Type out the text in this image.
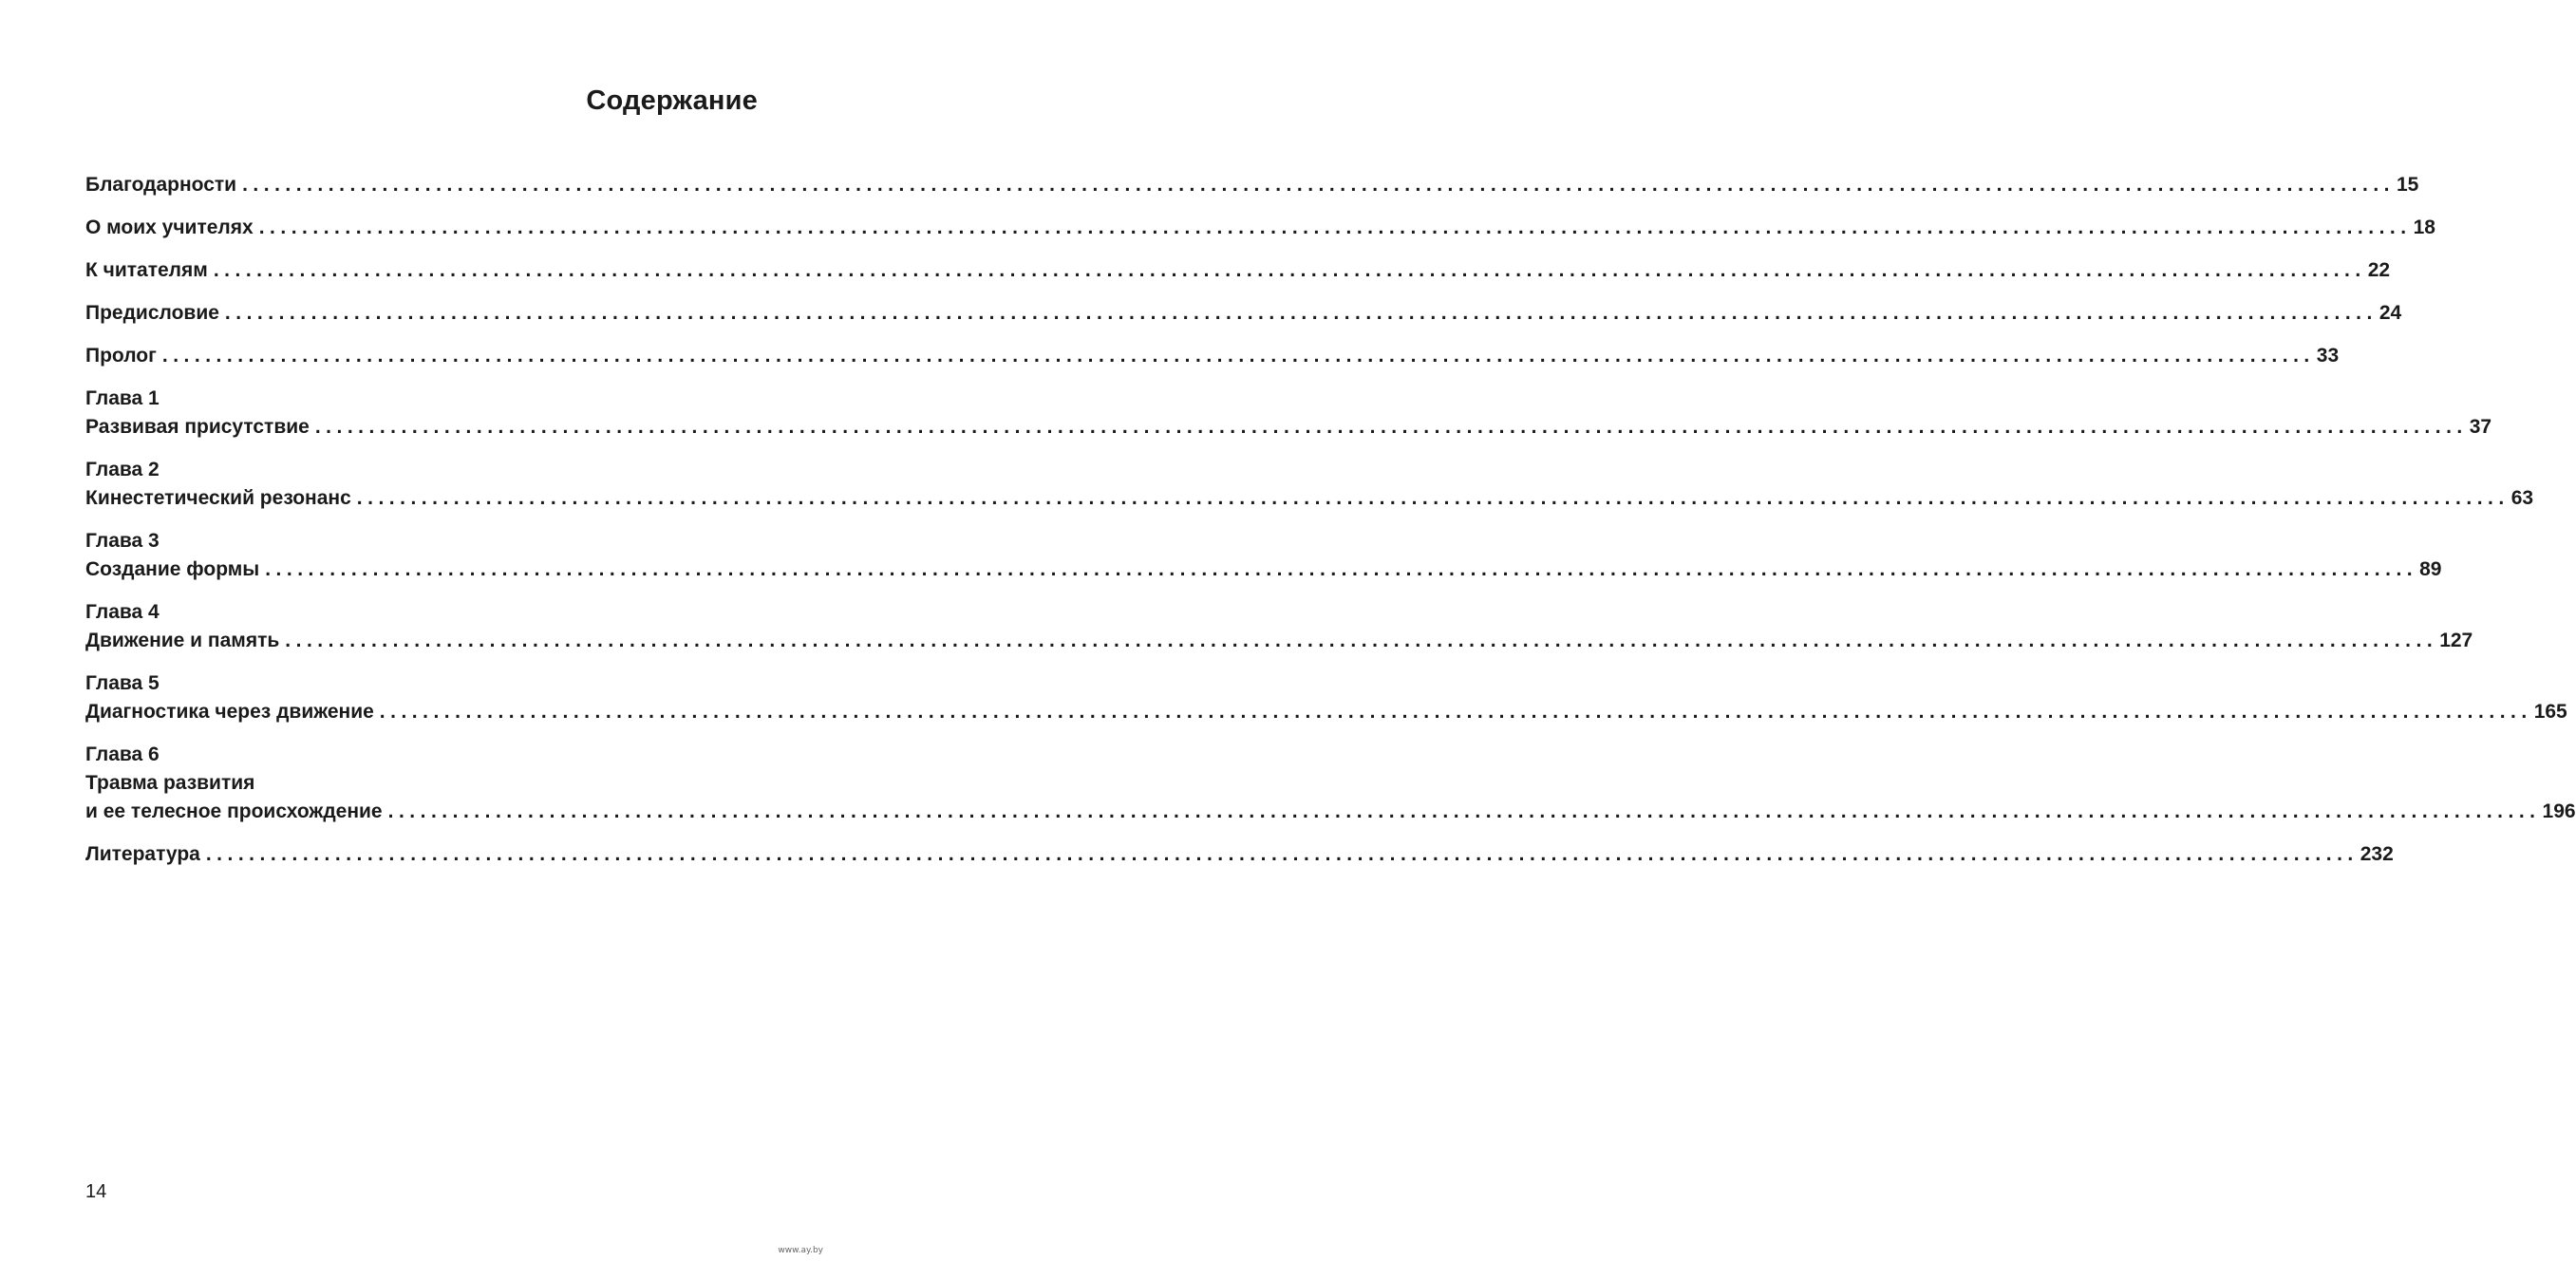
Содержание
Благодарности ........................................................................................................................................................................................................ 15
О моих учителях ........................................................................................................................................................................................................ 18
К читателям ........................................................................................................................................................................................................ 22
Предисловие ........................................................................................................................................................................................................ 24
Пролог ........................................................................................................................................................................................................ 33
Глава 1
Развивая присутствие ........................................................................................................................................................................................................ 37
Глава 2
Кинестетический резонанс ........................................................................................................................................................................................................ 63
Глава 3
Создание формы ........................................................................................................................................................................................................ 89
Глава 4
Движение и память ........................................................................................................................................................................................................ 127
Глава 5
Диагностика через движение ........................................................................................................................................................................................................ 165
Глава 6
Травма развития
и ее телесное происхождение ........................................................................................................................................................................................................ 196
Литература ........................................................................................................................................................................................................ 232
14
www.ay.by
